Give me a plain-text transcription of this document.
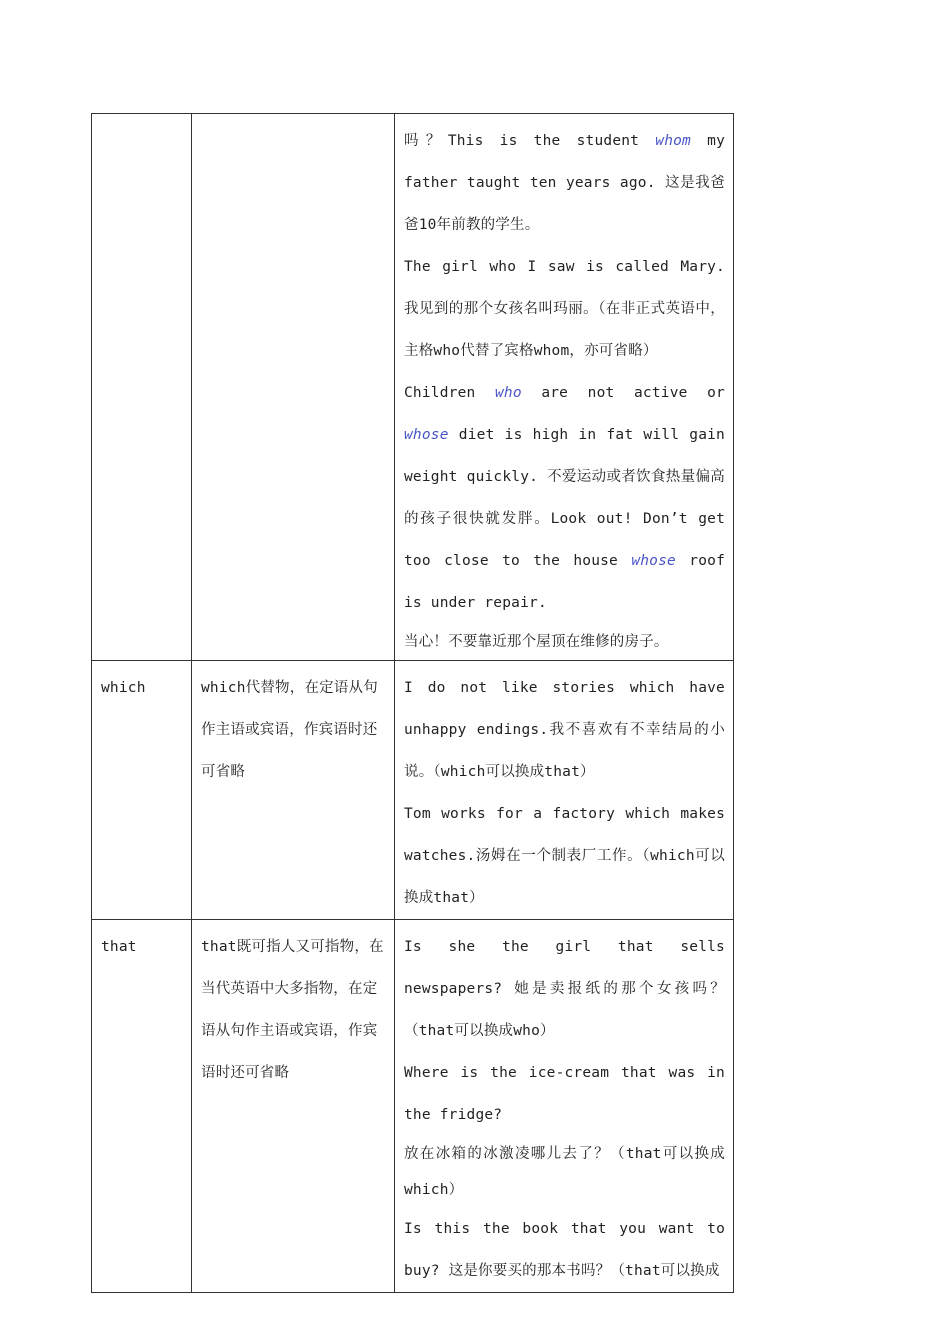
		吗？This is the student whom my father taught ten years ago. 这是我爸爸10年前教的学生。
The girl who I saw is called Mary. 我见到的那个女孩名叫玛丽。（在非正式英语中，主格who代替了宾格whom，亦可省略）
Children who are not active or whose diet is high in fat will gain weight quickly. 不爱运动或者饮食热量偏高的孩子很快就发胖。Look out! Don’t get too close to the house whose roof is under repair.
当心！不要靠近那个屋顶在维修的房子。

which	which代替物，在定语从句作主语或宾语，作宾语时还可省略	I do not like stories which have unhappy endings.我不喜欢有不幸结局的小说。（which可以换成that）
Tom works for a factory which makes watches.汤姆在一个制表厂工作。（which可以换成that）

that	that既可指人又可指物，在当代英语中大多指物，在定语从句作主语或宾语，作宾语时还可省略	Is she the girl that sells newspapers? 她是卖报纸的那个女孩吗？（that可以换成who）
Where is the ice-cream that was in the fridge?
放在冰箱的冰激凌哪儿去了？（that可以换成which）
Is this the book that you want to buy? 这是你要买的那本书吗？（that可以换成
